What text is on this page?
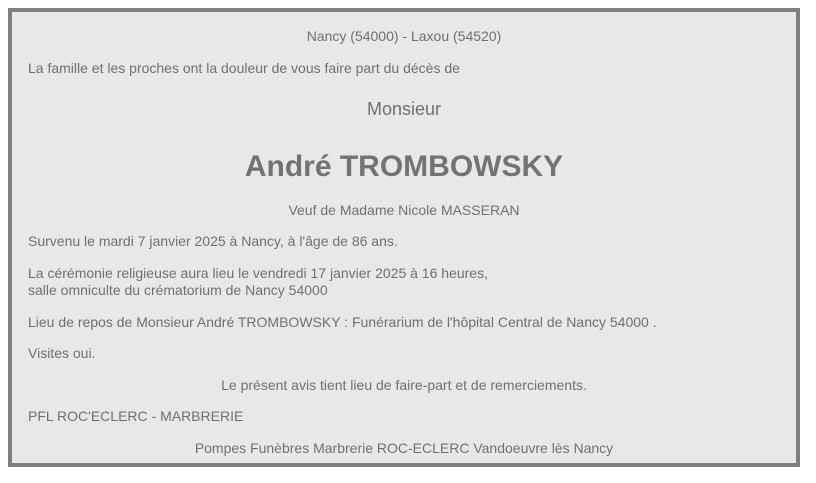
Nancy (54000) - Laxou (54520)

La famille et les proches ont la douleur de vous faire part du décès de

Monsieur

André TROMBOWSKY

Veuf de Madame Nicole MASSERAN

Survenu le mardi 7 janvier 2025 à Nancy, à l'âge de 86 ans.

La cérémonie religieuse aura lieu le vendredi 17 janvier 2025 à 16 heures,

salle omniculte du crématorium de Nancy 54000

Lieu de repos de Monsieur André TROMBOWSKY : Funérarium de l'hôpital Central de Nancy 54000 .

Visites oui.

Le présent avis tient lieu de faire-part et de remerciements.

PFL ROC'ECLERC - MARBRERIE

Pompes Funèbres Marbrerie ROC-ECLERC Vandoeuvre lès Nancy
